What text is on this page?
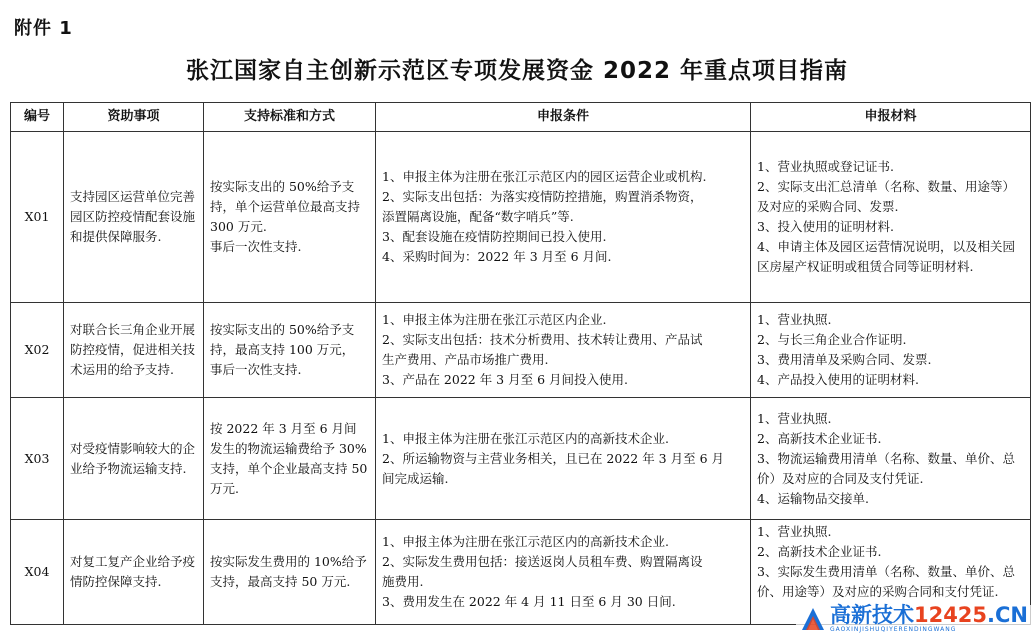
附件 1
张江国家自主创新示范区专项发展资金 2022 年重点项目指南
编号	资助事项	支持标准和方式	申报条件	申报材料
X01	支持园区运营单位完善园区防控疫情配套设施和提供保障服务.	按实际支出的 50%给予支持，单个运营单位最高支持 300 万元.
事后一次性支持.	1、申报主体为注册在张江示范区内的园区运营企业或机构.
2、实际支出包括：为落实疫情防控措施，购置消杀物资，
添置隔离设施，配备“数字哨兵”等.
3、配套设施在疫情防控期间已投入使用.
4、采购时间为：2022 年 3 月至 6 月间.	1、营业执照或登记证书.
2、实际支出汇总清单（名称、数量、用途等）及对应的采购合同、发票.
3、投入使用的证明材料.
4、申请主体及园区运营情况说明，以及相关园区房屋产权证明或租赁合同等证明材料.

X02	对联合长三角企业开展防控疫情，促进相关技术运用的给予支持.	按实际支出的 50%给予支持，最高支持 100 万元，
事后一次性支持.	1、申报主体为注册在张江示范区内企业.
2、实际支出包括：技术分析费用、技术转让费用、产品试
生产费用、产品市场推广费用.
3、产品在 2022 年 3 月至 6 月间投入使用.	1、营业执照.
2、与长三角企业合作证明.
3、费用清单及采购合同、发票.
4、产品投入使用的证明材料.

X03	对受疫情影响较大的企业给予物流运输支持.	按 2022 年 3 月至 6 月间发生的物流运输费给予 30%支持，单个企业最高支持 50 万元.	1、申报主体为注册在张江示范区内的高新技术企业.
2、所运输物资与主营业务相关，且已在 2022 年 3 月至 6 月
间完成运输.	1、营业执照.
2、高新技术企业证书.
3、物流运输费用清单（名称、数量、单价、总价）及对应的合同及支付凭证.
4、运输物品交接单.

X04	对复工复产企业给予疫情防控保障支持.	按实际发生费用的 10%给予支持，最高支持 50 万元.	1、申报主体为注册在张江示范区内的高新技术企业.
2、实际发生费用包括：接送返岗人员租车费、购置隔离设
施费用.
3、费用发生在 2022 年 4 月 11 日至 6 月 30 日间.	1、营业执照.
2、高新技术企业证书.
3、实际发生费用清单（名称、数量、单价、总价、用途等）及对应的采购合同和支付凭证.
高新技术12425.CN
GAOXINJISHUQIYERENDINGWANG
